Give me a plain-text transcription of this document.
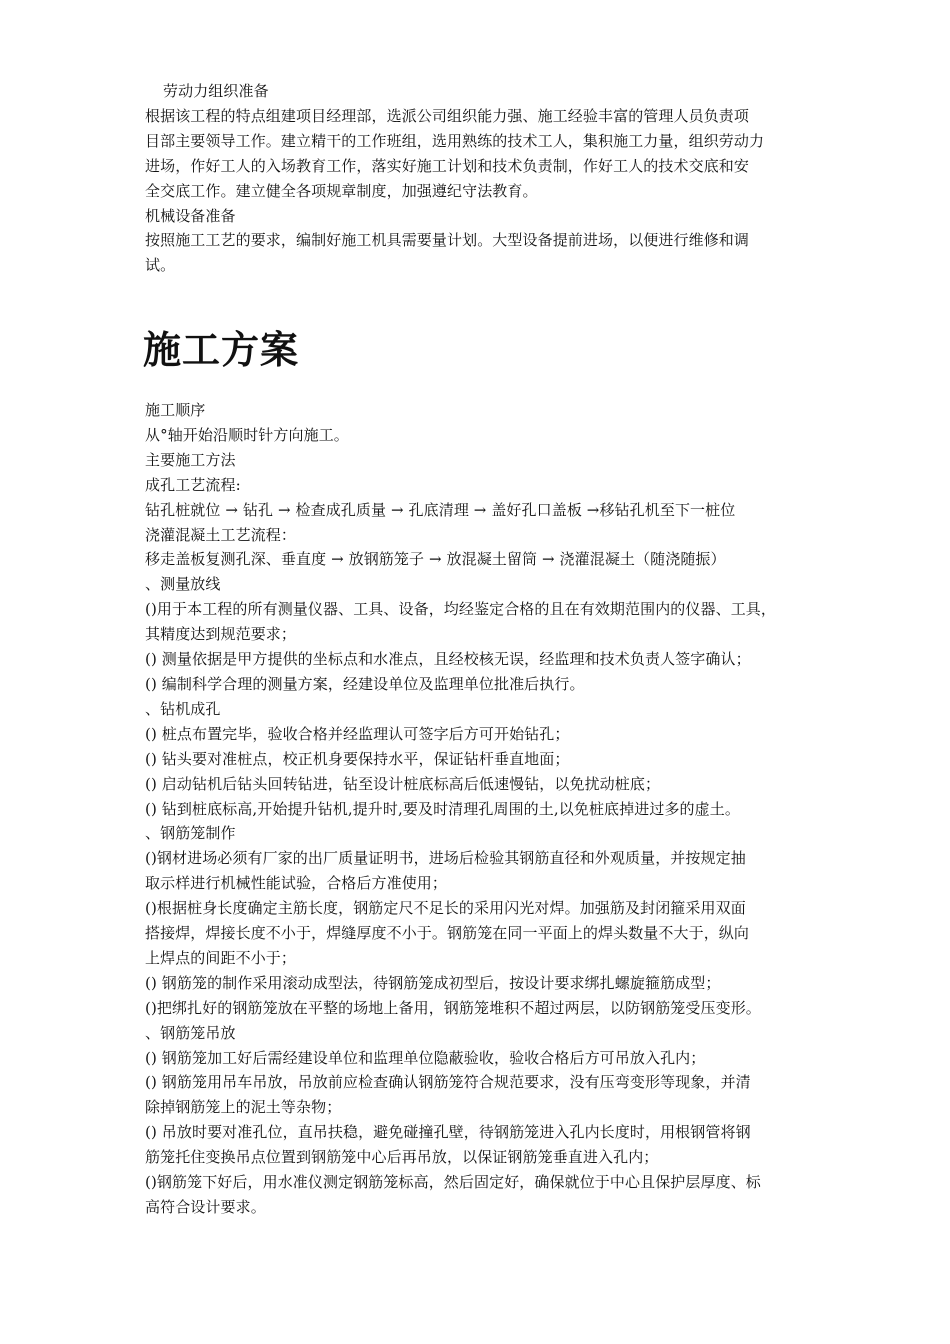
劳动力组织准备
根据该工程的特点组建项目经理部，选派公司组织能力强、施工经验丰富的管理人员负责项
目部主要领导工作。建立精干的工作班组，选用熟练的技术工人，集积施工力量，组织劳动力
进场，作好工人的入场教育工作，落实好施工计划和技术负责制，作好工人的技术交底和安
全交底工作。建立健全各项规章制度，加强遵纪守法教育。
机械设备准备
按照施工工艺的要求，编制好施工机具需要量计划。大型设备提前进场，以便进行维修和调
试。
施工方案
施工顺序
从°轴开始沿顺时针方向施工。
主要施工方法
成孔工艺流程:
钻孔桩就位 → 钻孔 → 检查成孔质量 → 孔底清理 → 盖好孔口盖板 →移钻孔机至下一桩位
浇灌混凝土工艺流程：
移走盖板复测孔深、垂直度 → 放钢筋笼子 → 放混凝土留筒 → 浇灌混凝土（随浇随振）
、测量放线
()用于本工程的所有测量仪器、工具、设备，均经鉴定合格的且在有效期范围内的仪器、工具，
其精度达到规范要求；
() 测量依据是甲方提供的坐标点和水准点，且经校核无误，经监理和技术负责人签字确认；
() 编制科学合理的测量方案，经建设单位及监理单位批准后执行。
、钻机成孔
() 桩点布置完毕，验收合格并经监理认可签字后方可开始钻孔；
() 钻头要对准桩点，校正机身要保持水平，保证钻杆垂直地面；
() 启动钻机后钻头回转钻进，钻至设计桩底标高后低速慢钻，以免扰动桩底；
() 钻到桩底标高,开始提升钻机,提升时,要及时清理孔周围的土,以免桩底掉进过多的虚土。
、钢筋笼制作
()钢材进场必须有厂家的出厂质量证明书，进场后检验其钢筋直径和外观质量，并按规定抽
取示样进行机械性能试验，合格后方准使用；
()根据桩身长度确定主筋长度，钢筋定尺不足长的采用闪光对焊。加强筋及封闭箍采用双面
搭接焊，焊接长度不小于，焊缝厚度不小于。钢筋笼在同一平面上的焊头数量不大于，纵向
上焊点的间距不小于；
() 钢筋笼的制作采用滚动成型法，待钢筋笼成初型后，按设计要求绑扎螺旋箍筋成型；
()把绑扎好的钢筋笼放在平整的场地上备用，钢筋笼堆积不超过两层，以防钢筋笼受压变形。
、钢筋笼吊放
() 钢筋笼加工好后需经建设单位和监理单位隐蔽验收，验收合格后方可吊放入孔内；
() 钢筋笼用吊车吊放，吊放前应检查确认钢筋笼符合规范要求，没有压弯变形等现象，并清
除掉钢筋笼上的泥土等杂物；
() 吊放时要对准孔位，直吊扶稳，避免碰撞孔壁，待钢筋笼进入孔内长度时，用根钢管将钢
筋笼托住变换吊点位置到钢筋笼中心后再吊放，以保证钢筋笼垂直进入孔内；
()钢筋笼下好后，用水准仪测定钢筋笼标高，然后固定好，确保就位于中心且保护层厚度、标
高符合设计要求。
